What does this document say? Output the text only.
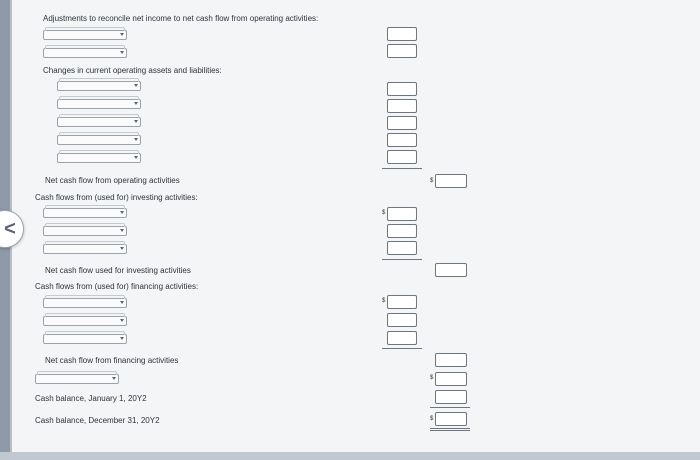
Adjustments to reconcile net income to net cash flow from operating activities:
Changes in current operating assets and liabilities:
Net cash flow from operating activities	$
Cash flows from (used for) investing activities:
$
Net cash flow used for investing activities
Cash flows from (used for) financing activities:
$
Net cash flow from financing activities
$
Cash balance, January 1, 20Y2
Cash balance, December 31, 20Y2	$
<
